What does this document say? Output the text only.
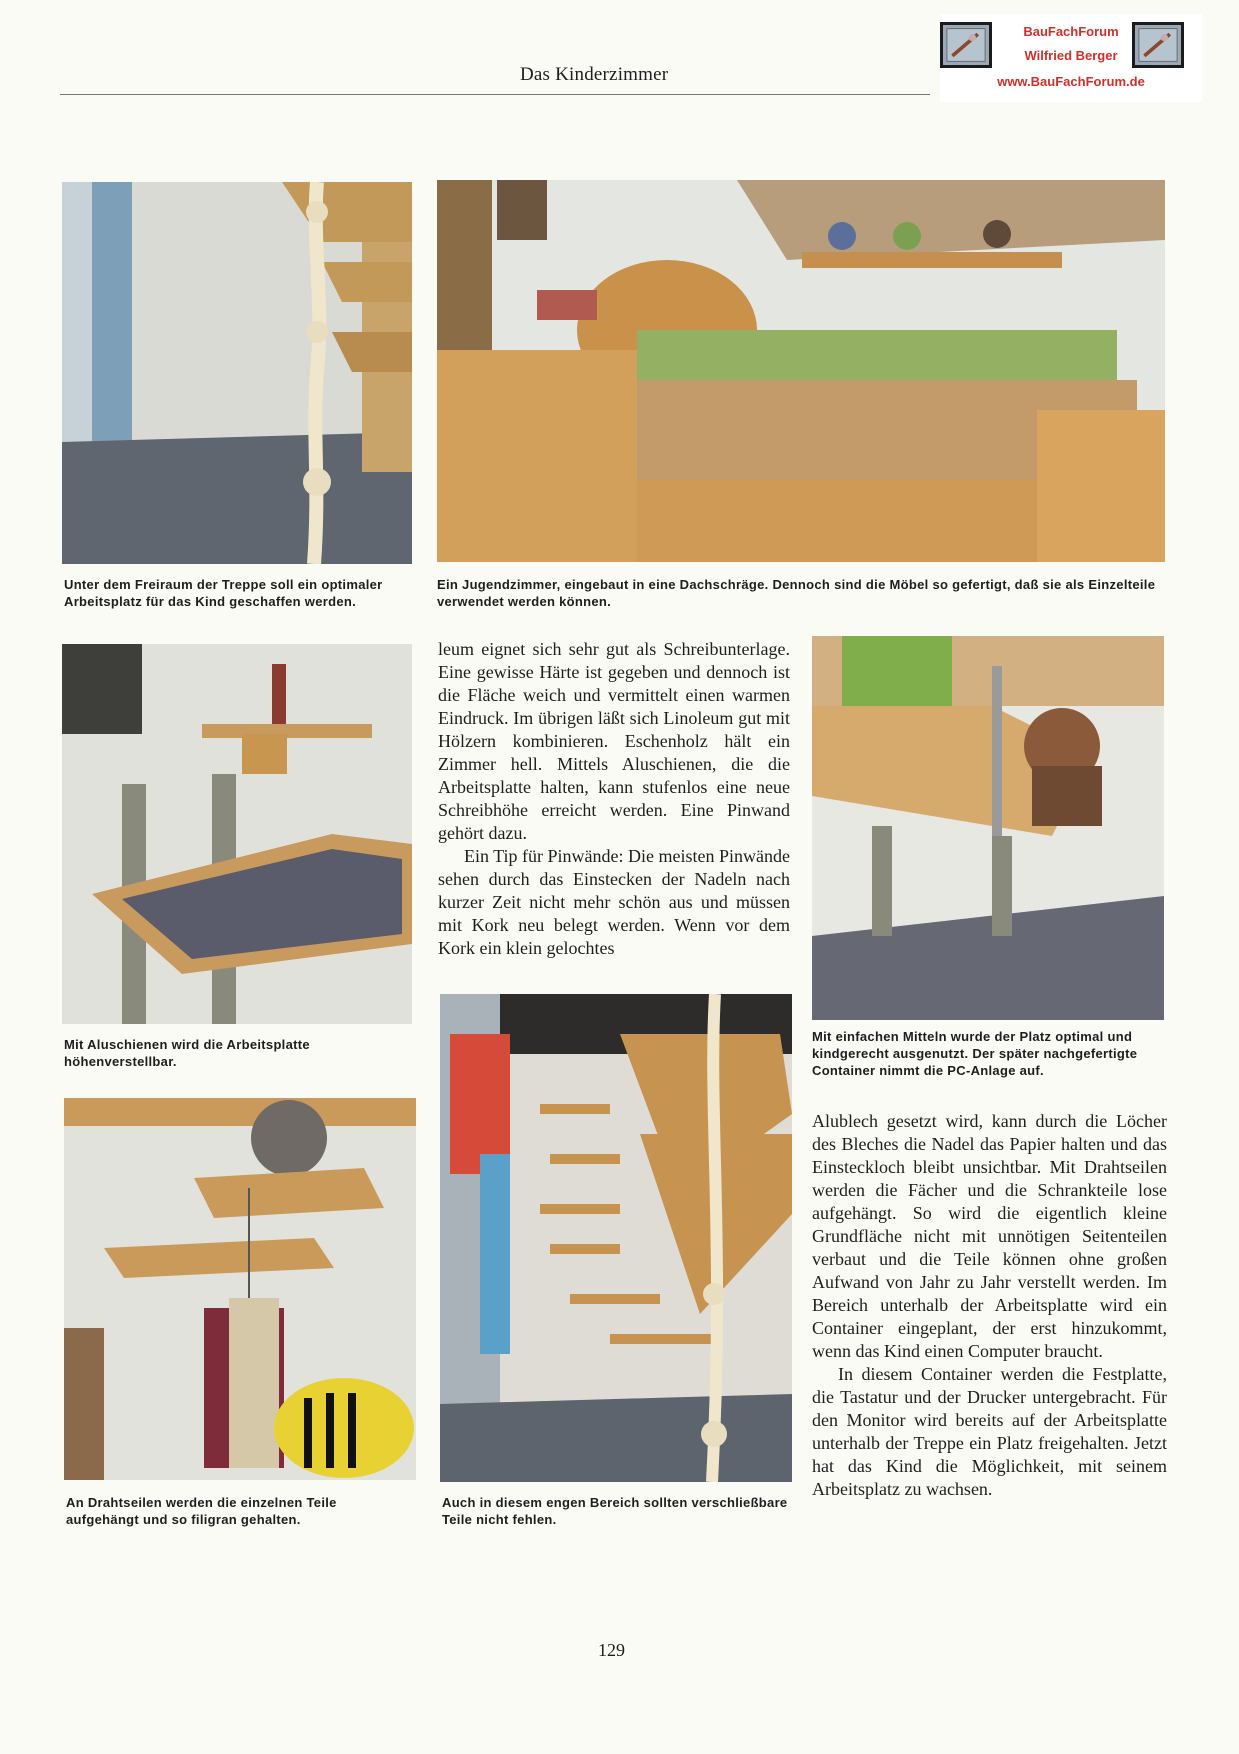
Das Kinderzimmer
BauFachForum
Wilfried Berger
www.BauFachForum.de
Unter dem Freiraum der Treppe soll ein optimaler Arbeitsplatz für das Kind geschaffen werden.
Ein Jugendzimmer, eingebaut in eine Dachschräge. Dennoch sind die Möbel so gefertigt, daß sie als Einzelteile verwendet werden können.
Mit Aluschienen wird die Arbeitsplatte höhenverstellbar.

leum eignet sich sehr gut als Schreibunterlage. Eine gewisse Härte ist gegeben und dennoch ist die Fläche weich und vermittelt einen warmen Eindruck. Im übrigen läßt sich Linoleum gut mit Hölzern kombinieren. Eschenholz hält ein Zimmer hell. Mittels Aluschienen, die die Arbeitsplatte halten, kann stufenlos eine neue Schreibhöhe erreicht werden. Eine Pinwand gehört dazu.

Ein Tip für Pinwände: Die meisten Pinwände sehen durch das Einstecken der Nadeln nach kurzer Zeit nicht mehr schön aus und müssen mit Kork neu belegt werden. Wenn vor dem Kork ein klein gelochtes

Mit einfachen Mitteln wurde der Platz optimal und kindgerecht ausgenutzt. Der später nachgefertigte Container nimmt die PC-Anlage auf.
An Drahtseilen werden die einzelnen Teile aufgehängt und so filigran gehalten.
Auch in diesem engen Bereich sollten verschließbare Teile nicht fehlen.

Alublech gesetzt wird, kann durch die Löcher des Bleches die Nadel das Papier halten und das Einsteckloch bleibt unsichtbar. Mit Drahtseilen werden die Fächer und die Schrankteile lose aufgehängt. So wird die eigentlich kleine Grundfläche nicht mit unnötigen Seitenteilen verbaut und die Teile können ohne großen Aufwand von Jahr zu Jahr verstellt werden. Im Bereich unterhalb der Arbeitsplatte wird ein Container eingeplant, der erst hinzukommt, wenn das Kind einen Computer braucht.

In diesem Container werden die Festplatte, die Tastatur und der Drucker untergebracht. Für den Monitor wird bereits auf der Arbeitsplatte unterhalb der Treppe ein Platz freigehalten. Jetzt hat das Kind die Möglichkeit, mit seinem Arbeitsplatz zu wachsen.

129
